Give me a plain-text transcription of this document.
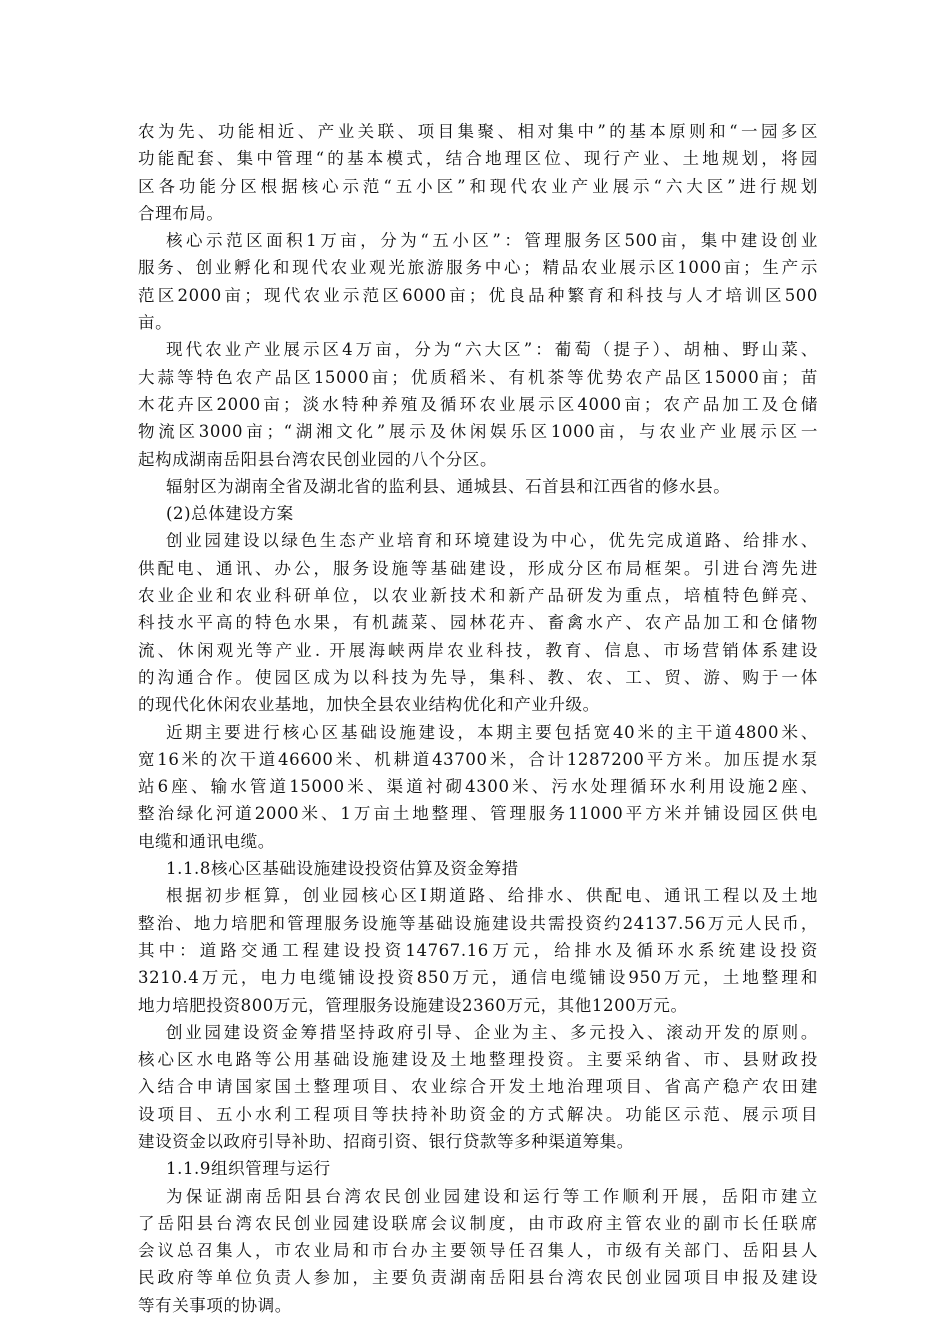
农为先、功能相近、产业关联、项目集聚、相对集中”的基本原则和“一园多区
功能配套、集中管理“的基本模式，结合地理区位、现行产业、土地规划，将园
区各功能分区根据核心示范“五小区”和现代农业产业展示“六大区”进行规划
合理布局。
核心示范区面积1万亩，分为“五小区”：管理服务区500亩，集中建设创业
服务、创业孵化和现代农业观光旅游服务中心；精品农业展示区1000亩；生产示
范区2000亩；现代农业示范区6000亩；优良品种繁育和科技与人才培训区500
亩。
现代农业产业展示区4万亩，分为“六大区”：葡萄（提子）、胡柚、野山菜、
大蒜等特色农产品区15000亩；优质稻米、有机茶等优势农产品区15000亩；苗
木花卉区2000亩；淡水特种养殖及循环农业展示区4000亩；农产品加工及仓储
物流区3000亩；“湖湘文化”展示及休闲娱乐区1000亩，与农业产业展示区一
起构成湖南岳阳县台湾农民创业园的八个分区。
辐射区为湖南全省及湖北省的监利县、通城县、石首县和江西省的修水县。
(2)总体建设方案
创业园建设以绿色生态产业培育和环境建设为中心，优先完成道路、给排水、
供配电、通讯、办公，服务设施等基础建设，形成分区布局框架。引进台湾先进
农业企业和农业科研单位，以农业新技术和新产品研发为重点，培植特色鲜亮、
科技水平高的特色水果，有机蔬菜、园林花卉、畜禽水产、农产品加工和仓储物
流、休闲观光等产业. 开展海峡两岸农业科技，教育、信息、市场营销体系建设
的沟通合作。使园区成为以科技为先导，集科、教、农、工、贸、游、购于一体
的现代化休闲农业基地，加快全县农业结构优化和产业升级。
近期主要进行核心区基础设施建设，本期主要包括宽40米的主干道4800米、
宽16米的次干道46600米、机耕道43700米，合计1287200平方米。加压提水泵
站6座、输水管道15000米、渠道衬砌4300米、污水处理循环水利用设施2座、
整治绿化河道2000米、1万亩土地整理、管理服务11000平方米并铺设园区供电
电缆和通讯电缆。
1.1.8核心区基础设施建设投资估算及资金筹措
根据初步框算，创业园核心区Ⅰ期道路、给排水、供配电、通讯工程以及土地
整治、地力培肥和管理服务设施等基础设施建设共需投资约24137.56万元人民币，
其中：道路交通工程建设投资14767.16万元，给排水及循环水系统建设投资
3210.4万元，电力电缆铺设投资850万元，通信电缆铺设950万元，土地整理和
地力培肥投资800万元，管理服务设施建设2360万元，其他1200万元。
创业园建设资金筹措坚持政府引导、企业为主、多元投入、滚动开发的原则。
核心区水电路等公用基础设施建设及土地整理投资。主要采纳省、市、县财政投
入结合申请国家国土整理项目、农业综合开发土地治理项目、省高产稳产农田建
设项目、五小水利工程项目等扶持补助资金的方式解决。功能区示范、展示项目
建设资金以政府引导补助、招商引资、银行贷款等多种渠道筹集。
1.1.9组织管理与运行
为保证湖南岳阳县台湾农民创业园建设和运行等工作顺利开展，岳阳市建立
了岳阳县台湾农民创业园建设联席会议制度，由市政府主管农业的副市长任联席
会议总召集人，市农业局和市台办主要领导任召集人，市级有关部门、岳阳县人
民政府等单位负责人参加，主要负责湖南岳阳县台湾农民创业园项目申报及建设
等有关事项的协调。
